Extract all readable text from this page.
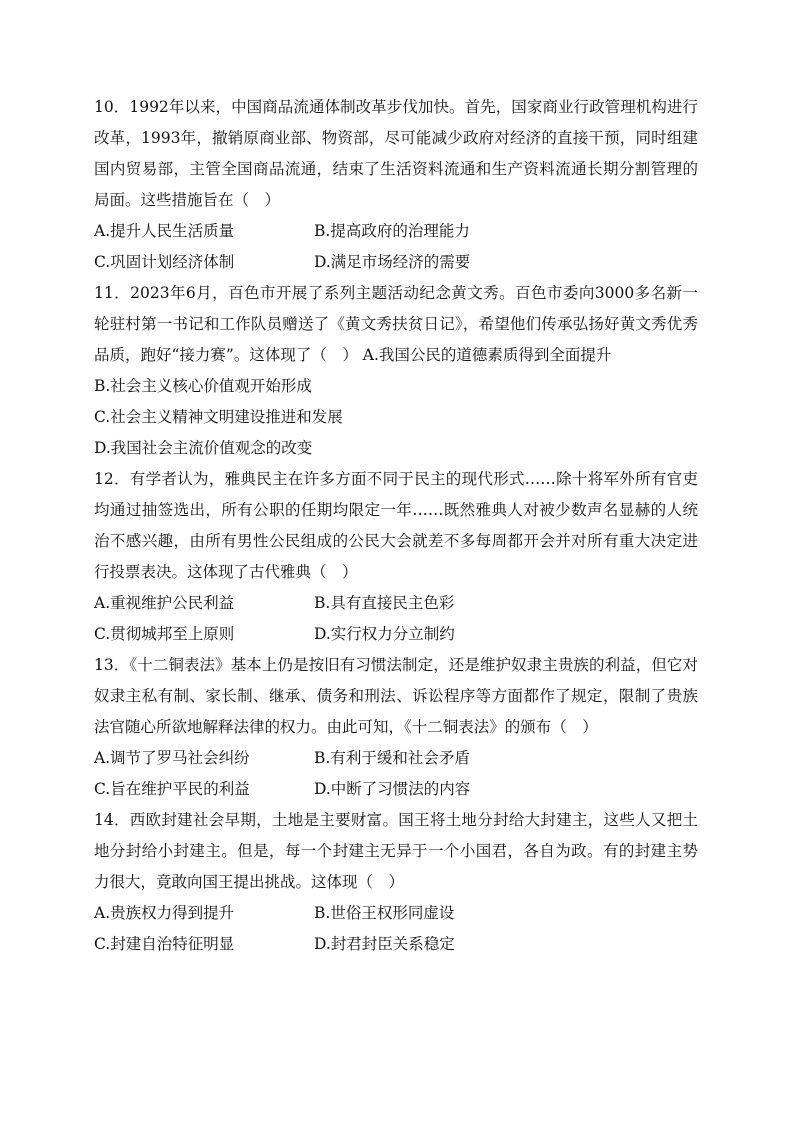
10．1992年以来，中国商品流通体制改革步伐加快。首先，国家商业行政管理机构进行改革，1993年，撤销原商业部、物资部，尽可能减少政府对经济的直接干预，同时组建国内贸易部，主管全国商品流通，结束了生活资料流通和生产资料流通长期分割管理的局面。这些措施旨在（　）

A.提升人民生活质量	B.提高政府的治理能力
C.巩固计划经济体制	D.满足市场经济的需要

11．2023年6月，百色市开展了系列主题活动纪念黄文秀。百色市委向3000多名新一轮驻村第一书记和工作队员赠送了《黄文秀扶贫日记》，希望他们传承弘扬好黄文秀优秀品质，跑好“接力赛”。这体现了（　） A.我国公民的道德素质得到全面提升

B.社会主义核心价值观开始形成

C.社会主义精神文明建设推进和发展

D.我国社会主流价值观念的改变

12．有学者认为，雅典民主在许多方面不同于民主的现代形式……除十将军外所有官吏均通过抽签选出，所有公职的任期均限定一年……既然雅典人对被少数声名显赫的人统治不感兴趣，由所有男性公民组成的公民大会就差不多每周都开会并对所有重大决定进行投票表决。这体现了古代雅典（　）

A.重视维护公民利益	B.具有直接民主色彩
C.贯彻城邦至上原则	D.实行权力分立制约

13．《十二铜表法》基本上仍是按旧有习惯法制定，还是维护奴隶主贵族的利益，但它对奴隶主私有制、家长制、继承、债务和刑法、诉讼程序等方面都作了规定，限制了贵族法官随心所欲地解释法律的权力。由此可知，《十二铜表法》的颁布（　）

A.调节了罗马社会纠纷	B.有利于缓和社会矛盾
C.旨在维护平民的利益	D.中断了习惯法的内容

14．西欧封建社会早期，土地是主要财富。国王将土地分封给大封建主，这些人又把土地分封给小封建主。但是，每一个封建主无异于一个小国君，各自为政。有的封建主势力很大，竟敢向国王提出挑战。这体现（　）

A.贵族权力得到提升	B.世俗王权形同虚设
C.封建自治特征明显	D.封君封臣关系稳定
